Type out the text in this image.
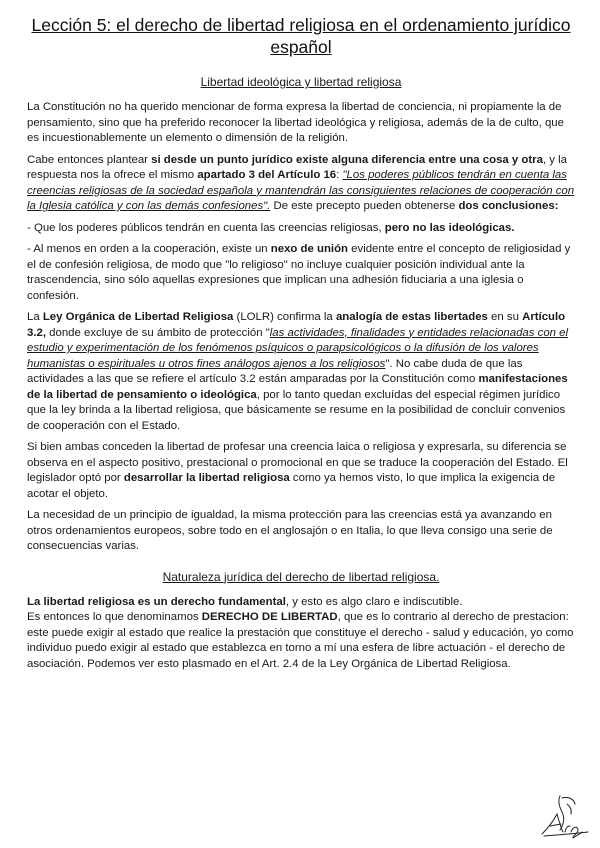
Lección 5: el derecho de libertad religiosa en el ordenamiento jurídico español
Libertad ideológica y libertad religiosa

La Constitución no ha querido mencionar de forma expresa la libertad de conciencia, ni propiamente la de pensamiento, sino que ha preferido reconocer la libertad ideológica y religiosa, además de la de culto, que es incuestionablemente un elemento o dimensión de la religión.

Cabe entonces plantear si desde un punto jurídico existe alguna diferencia entre una cosa y otra, y la respuesta nos la ofrece el mismo apartado 3 del Artículo 16: "Los poderes públicos tendrán en cuenta las creencias religiosas de la sociedad española y mantendrán las consiguientes relaciones de cooperación con la Iglesia católica y con las demás confesiones". De este precepto pueden obtenerse dos conclusiones:

- Que los poderes públicos tendrán en cuenta las creencias religiosas, pero no las ideológicas.

- Al menos en orden a la cooperación, existe un nexo de unión evidente entre el concepto de religiosidad y el de confesión religiosa, de modo que "lo religioso" no incluye cualquier posición individual ante la trascendencia, sino sólo aquellas expresiones que implican una adhesión fiduciaria a una iglesia o confesión.

La Ley Orgánica de Libertad Religiosa (LOLR) confirma la analogía de estas libertades en su Artículo 3.2, donde excluye de su ámbito de protección "las actividades, finalidades y entidades relacionadas con el estudio y experimentación de los fenómenos psíquicos o parapsicológicos o la difusión de los valores humanistas o espirituales u otros fines análogos ajenos a los religiosos". No cabe duda de que las actividades a las que se refiere el artículo 3.2 están amparadas por la Constitución como manifestaciones de la libertad de pensamiento o ideológica, por lo tanto quedan excluídas del especial régimen jurídico que la ley brinda a la libertad religiosa, que básicamente se resume en la posibilidad de concluir convenios de cooperación con el Estado.

Si bien ambas conceden la libertad de profesar una creencia laica o religiosa y expresarla, su diferencia se observa en el aspecto positivo, prestacional o promocional en que se traduce la cooperación del Estado. El legislador optó por desarrollar la libertad religiosa como ya hemos visto, lo que implica la exigencia de acotar el objeto.

La necesidad de un principio de igualdad, la misma protección para las creencias está ya avanzando en otros ordenamientos europeos, sobre todo en el anglosajón o en Italia, lo que lleva consigo una serie de consecuencias varias.

Naturaleza jurídica del derecho de libertad religiosa.

La libertad religiosa es un derecho fundamental, y esto es algo claro e indiscutible.

Es entonces lo que denominamos DERECHO DE LIBERTAD, que es lo contrario al derecho de prestacion: este puede exigir al estado que realice la prestación que constituye el derecho - salud y educación, yo como individuo puedo exigir al estado que establezca en torno a mí una esfera de libre actuación - el derecho de asociación. Podemos ver esto plasmado en el Art. 2.4 de la Ley Orgánica de Libertad Religiosa.
